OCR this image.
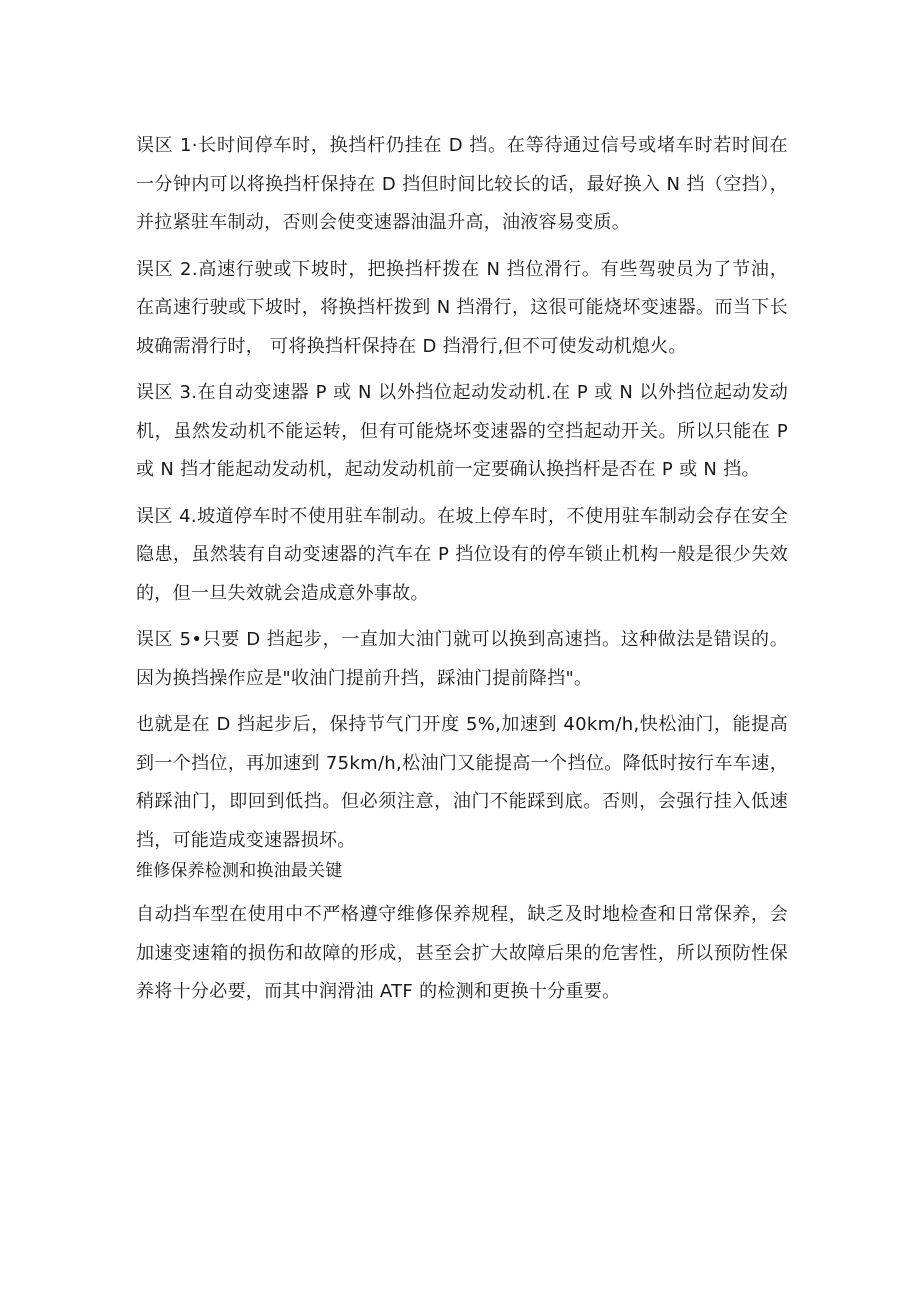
误区 1·长时间停车时，换挡杆仍挂在 D 挡。在等待通过信号或堵车时若时间在一分钟内可以将换挡杆保持在 D 挡但时间比较长的话，最好换入 N 挡（空挡），并拉紧驻车制动，否则会使变速器油温升高，油液容易变质。

误区 2.高速行驶或下坡时，把换挡杆拨在 N 挡位滑行。有些驾驶员为了节油，在高速行驶或下坡时，将换挡杆拨到 N 挡滑行，这很可能烧坏变速器。而当下长坡确需滑行时， 可将换挡杆保持在 D 挡滑行,但不可使发动机熄火。

误区 3.在自动变速器 P 或 N 以外挡位起动发动机.在 P 或 N 以外挡位起动发动机，虽然发动机不能运转，但有可能烧坏变速器的空挡起动开关。所以只能在 P 或 N 挡才能起动发动机，起动发动机前一定要确认换挡杆是否在 P 或 N 挡。

误区 4.坡道停车时不使用驻车制动。在坡上停车时，不使用驻车制动会存在安全隐患，虽然装有自动变速器的汽车在 P 挡位设有的停车锁止机构一般是很少失效的，但一旦失效就会造成意外事故。

误区 5•只要 D 挡起步，一直加大油门就可以换到高速挡。这种做法是错误的。因为换挡操作应是"收油门提前升挡，踩油门提前降挡"。

也就是在 D 挡起步后，保持节气门开度 5%,加速到 40km/h,快松油门，能提高到一个挡位，再加速到 75km/h,松油门又能提高一个挡位。降低时按行车车速，稍踩油门，即回到低挡。但必须注意，油门不能踩到底。否则，会强行挂入低速挡，可能造成变速器损坏。

维修保养检测和换油最关键

自动挡车型在使用中不严格遵守维修保养规程，缺乏及时地检查和日常保养，会加速变速箱的损伤和故障的形成，甚至会扩大故障后果的危害性，所以预防性保养将十分必要，而其中润滑油 ATF 的检测和更换十分重要。
